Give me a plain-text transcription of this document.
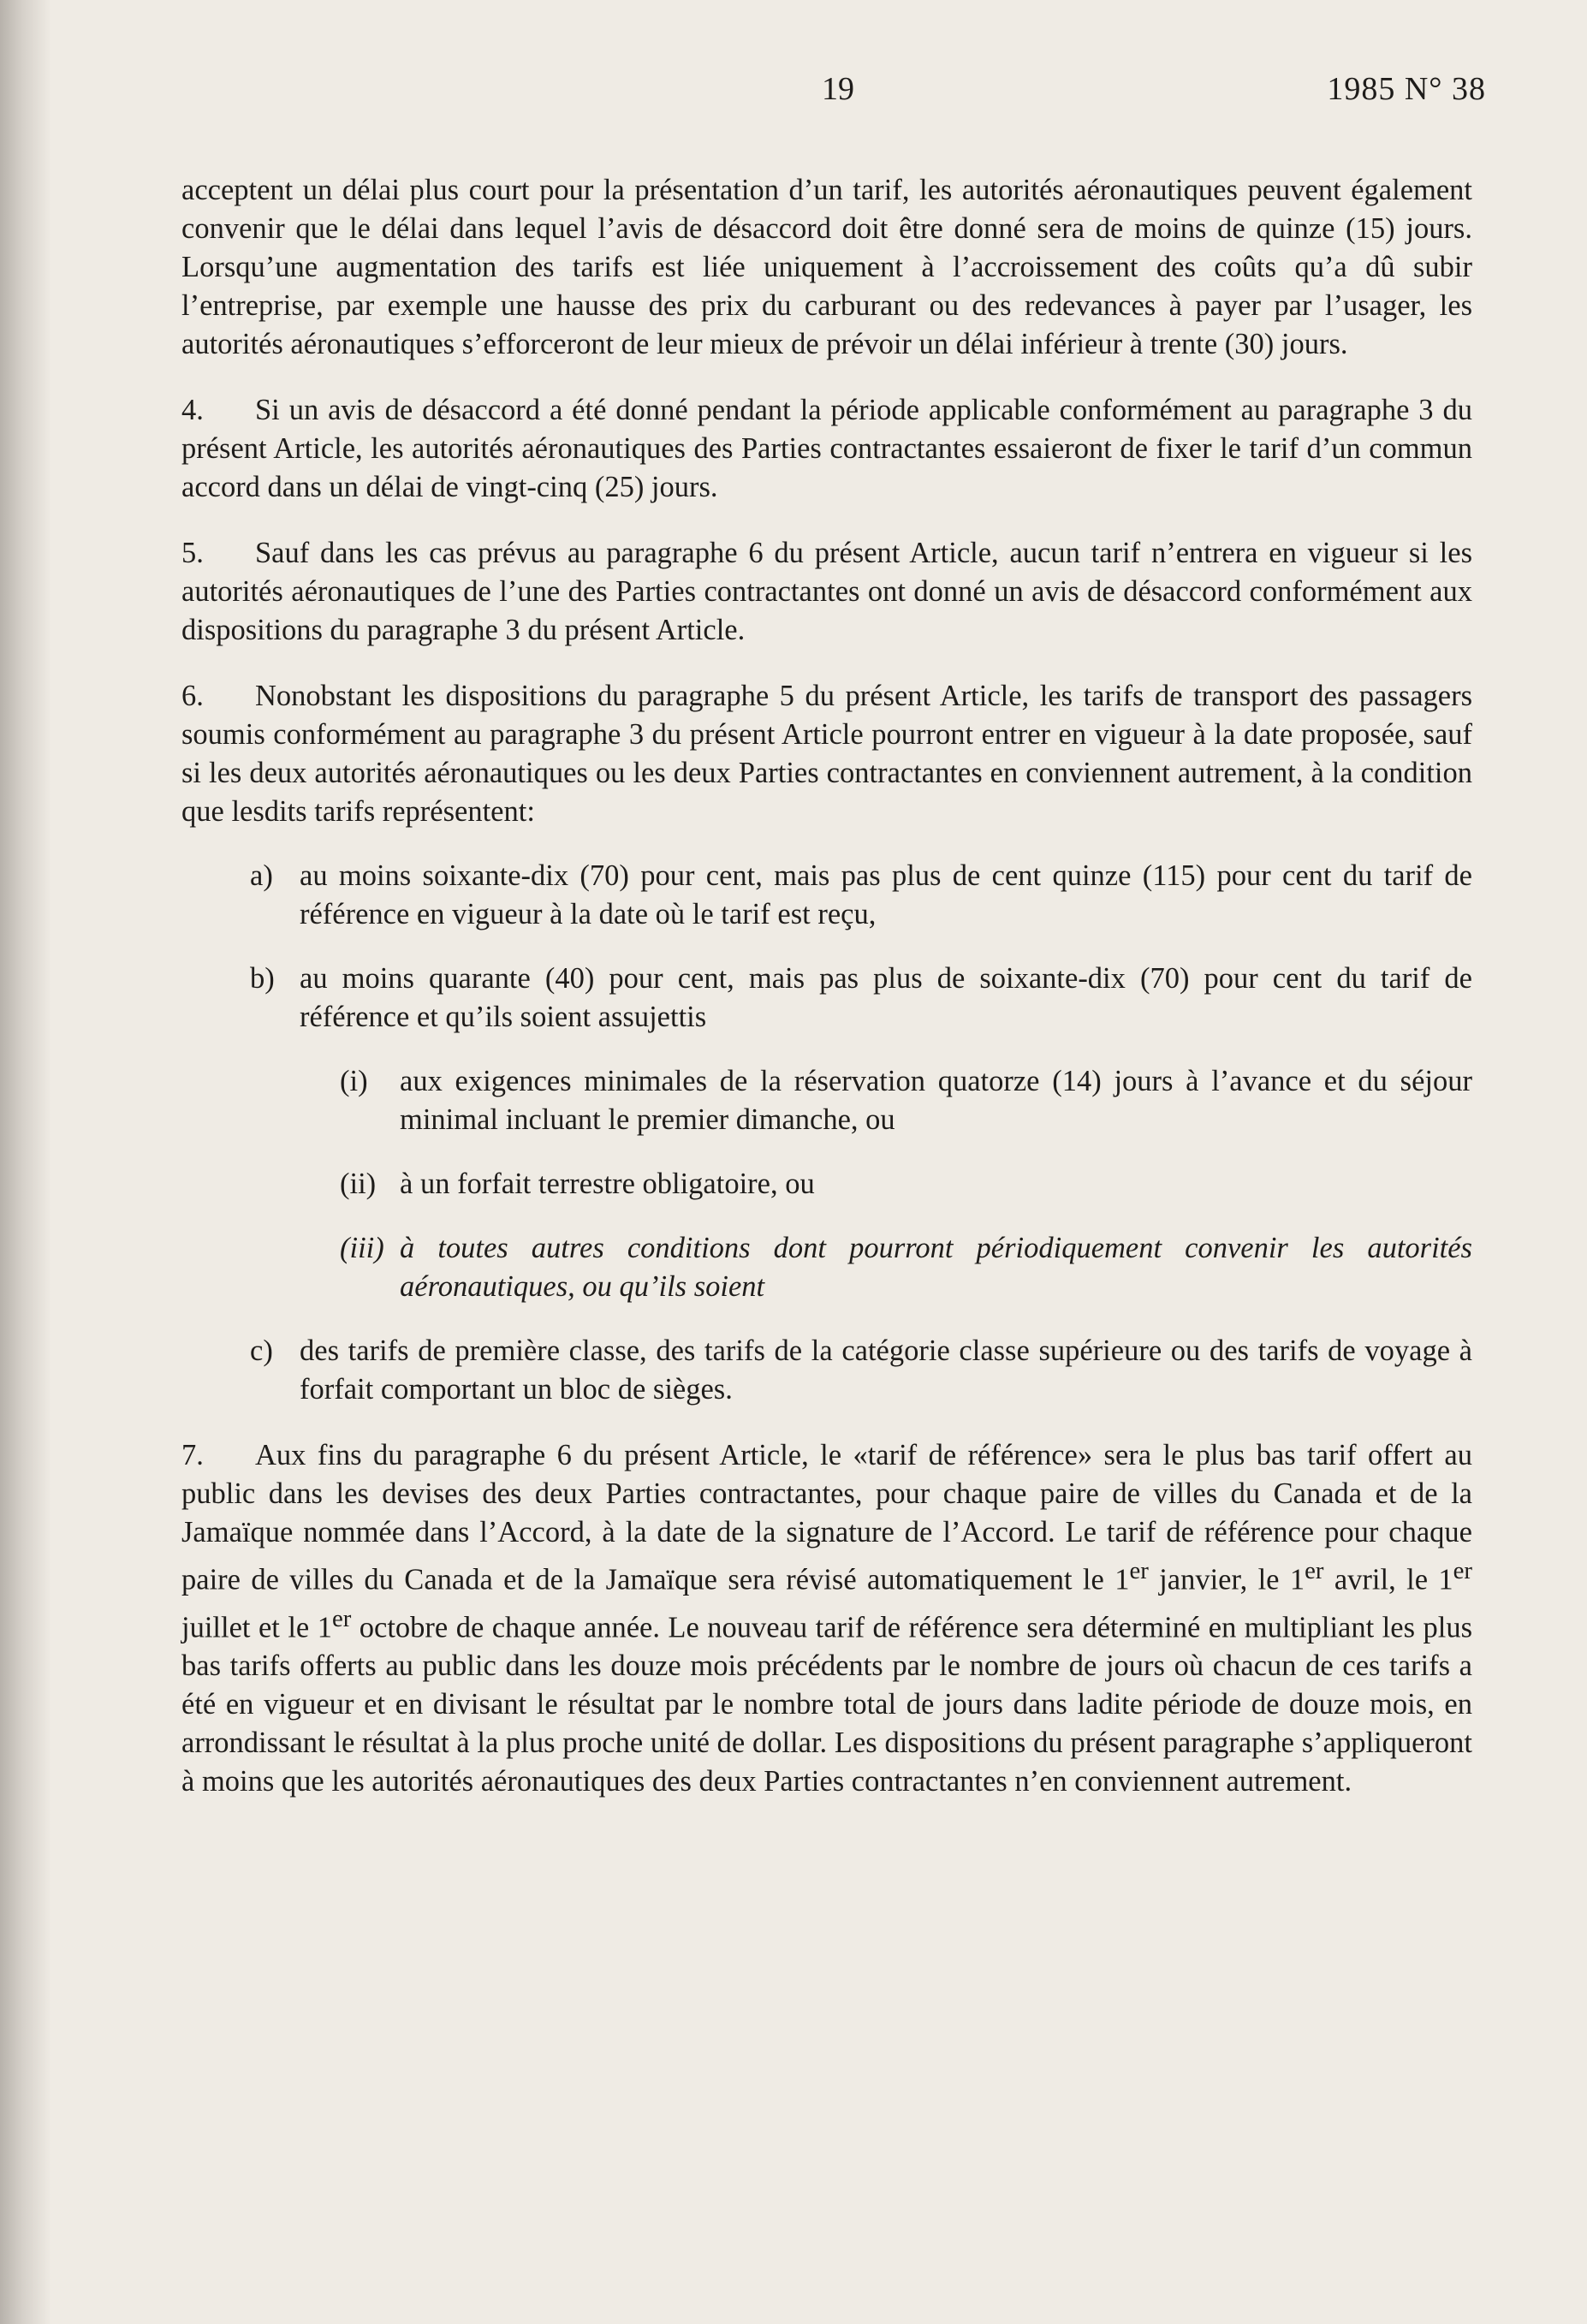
19	1985 N° 38

acceptent un délai plus court pour la présentation d’un tarif, les autorités aéronautiques peuvent également convenir que le délai dans lequel l’avis de désaccord doit être donné sera de moins de quinze (15) jours. Lorsqu’une augmentation des tarifs est liée uniquement à l’accroissement des coûts qu’a dû subir l’entreprise, par exemple une hausse des prix du carburant ou des redevances à payer par l’usager, les autorités aéronautiques s’efforceront de leur mieux de prévoir un délai inférieur à trente (30) jours.

4. Si un avis de désaccord a été donné pendant la période applicable conformément au paragraphe 3 du présent Article, les autorités aéronautiques des Parties contractantes essaieront de fixer le tarif d’un commun accord dans un délai de vingt-cinq (25) jours.

5. Sauf dans les cas prévus au paragraphe 6 du présent Article, aucun tarif n’entrera en vigueur si les autorités aéronautiques de l’une des Parties contractantes ont donné un avis de désaccord conformément aux dispositions du paragraphe 3 du présent Article.

6. Nonobstant les dispositions du paragraphe 5 du présent Article, les tarifs de transport des passagers soumis conformément au paragraphe 3 du présent Article pourront entrer en vigueur à la date proposée, sauf si les deux autorités aéronautiques ou les deux Parties contractantes en conviennent autrement, à la condition que lesdits tarifs représentent:

a) au moins soixante-dix (70) pour cent, mais pas plus de cent quinze (115) pour cent du tarif de référence en vigueur à la date où le tarif est reçu,

b) au moins quarante (40) pour cent, mais pas plus de soixante-dix (70) pour cent du tarif de référence et qu’ils soient assujettis

(i) aux exigences minimales de la réservation quatorze (14) jours à l’avance et du séjour minimal incluant le premier dimanche, ou

(ii) à un forfait terrestre obligatoire, ou

(iii) à toutes autres conditions dont pourront périodiquement convenir les autorités aéronautiques, ou qu’ils soient

c) des tarifs de première classe, des tarifs de la catégorie classe supérieure ou des tarifs de voyage à forfait comportant un bloc de sièges.

7. Aux fins du paragraphe 6 du présent Article, le «tarif de référence» sera le plus bas tarif offert au public dans les devises des deux Parties contractantes, pour chaque paire de villes du Canada et de la Jamaïque nommée dans l’Accord, à la date de la signature de l’Accord. Le tarif de référence pour chaque paire de villes du Canada et de la Jamaïque sera révisé automatiquement le 1er janvier, le 1er avril, le 1er juillet et le 1er octobre de chaque année. Le nouveau tarif de référence sera déterminé en multipliant les plus bas tarifs offerts au public dans les douze mois précédents par le nombre de jours où chacun de ces tarifs a été en vigueur et en divisant le résultat par le nombre total de jours dans ladite période de douze mois, en arrondissant le résultat à la plus proche unité de dollar. Les dispositions du présent paragraphe s’appliqueront à moins que les autorités aéronautiques des deux Parties contractantes n’en conviennent autrement.
